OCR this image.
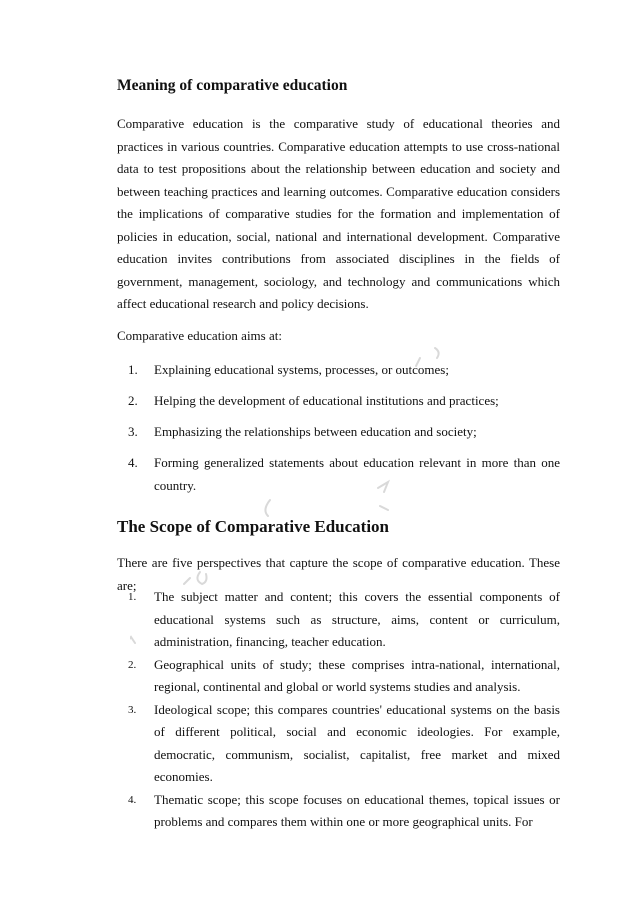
Meaning of comparative education

Comparative education is the comparative study of educational theories and practices in various countries. Comparative education attempts to use cross-national data to test propositions about the relationship between education and society and between teaching practices and learning outcomes. Comparative education considers the implications of comparative studies for the formation and implementation of policies in education, social, national and international development. Comparative education invites contributions from associated disciplines in the fields of government, management, sociology, and technology and communications which affect educational research and policy decisions.

Comparative education aims at:

1. Explaining educational systems, processes, or outcomes;
2. Helping the development of educational institutions and practices;
3. Emphasizing the relationships between education and society;
4. Forming generalized statements about education relevant in more than one country.
The Scope of Comparative Education

There are five perspectives that capture the scope of comparative education. These are;

1. The subject matter and content; this covers the essential components of educational systems such as structure, aims, content or curriculum, administration, financing, teacher education.
2. Geographical units of study; these comprises intra-national, international, regional, continental and global or world systems studies and analysis.
3. Ideological scope; this compares countries' educational systems on the basis of different political, social and economic ideologies. For example, democratic, communism, socialist, capitalist, free market and mixed economies.
4. Thematic scope; this scope focuses on educational themes, topical issues or problems and compares them within one or more geographical units. For
